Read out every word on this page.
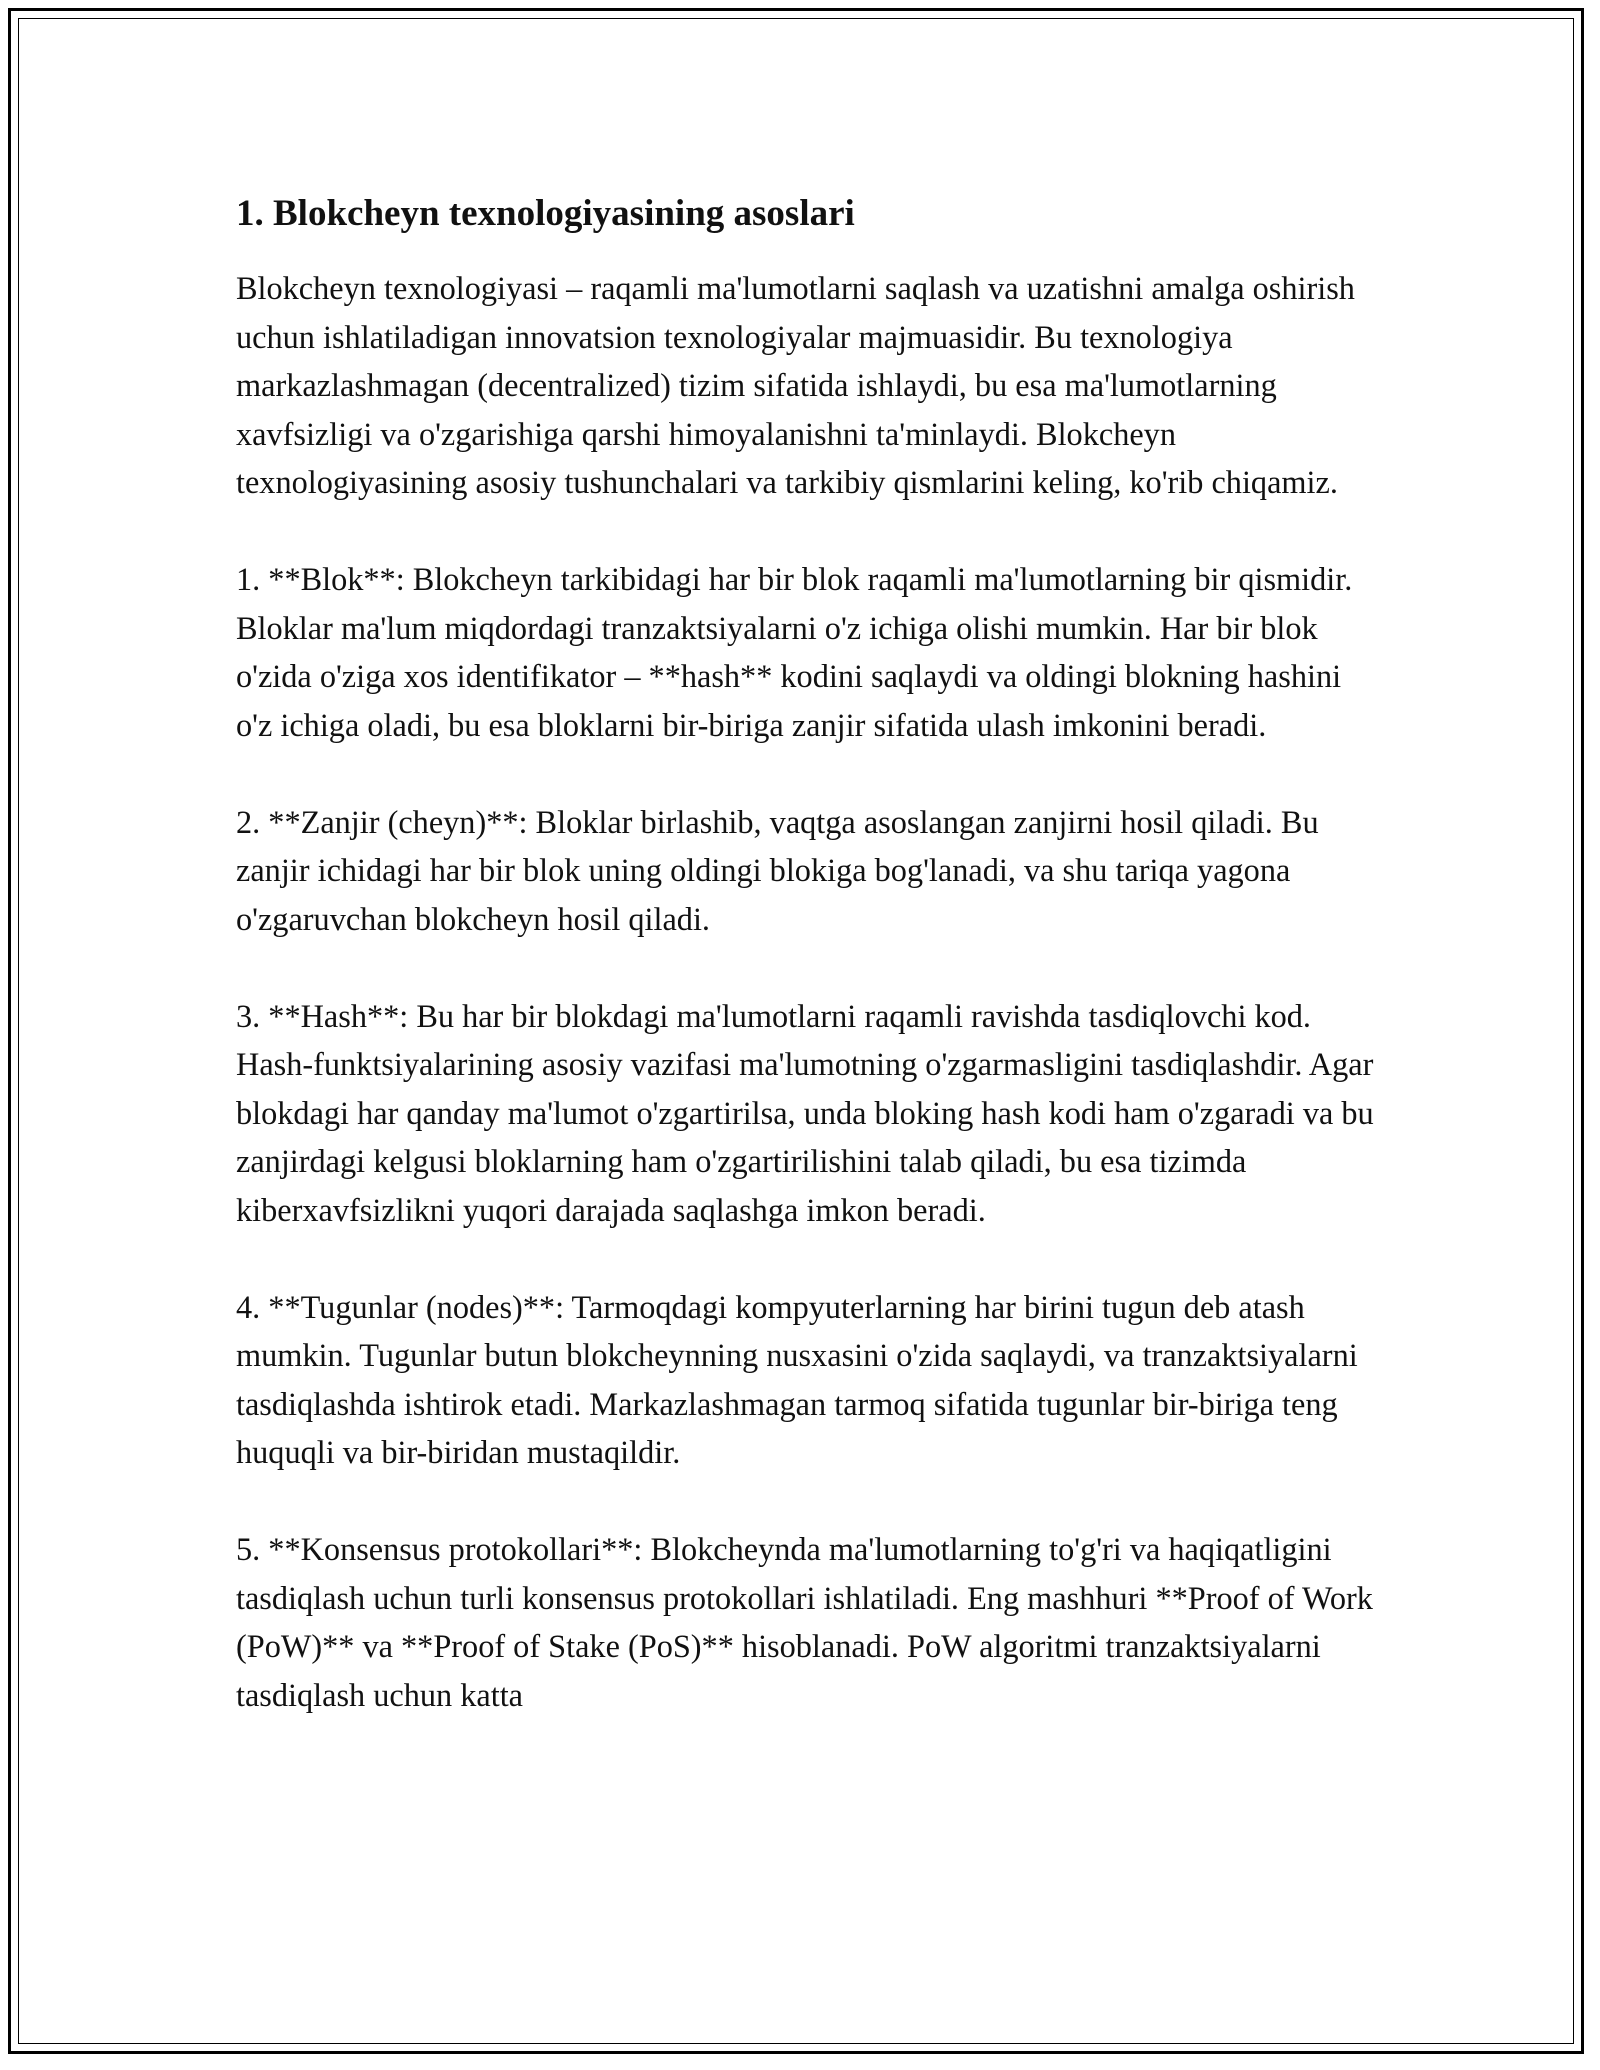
1. Blokcheyn texnologiyasining asoslari

Blokcheyn texnologiyasi – raqamli ma'lumotlarni saqlash va uzatishni amalga oshirish uchun ishlatiladigan innovatsion texnologiyalar majmuasidir. Bu texnologiya markazlashmagan (decentralized) tizim sifatida ishlaydi, bu esa ma'lumotlarning xavfsizligi va o'zgarishiga qarshi himoyalanishni ta'minlaydi. Blokcheyn texnologiyasining asosiy tushunchalari va tarkibiy qismlarini keling, ko'rib chiqamiz.

1. **Blok**: Blokcheyn tarkibidagi har bir blok raqamli ma'lumotlarning bir qismidir. Bloklar ma'lum miqdordagi tranzaktsiyalarni o'z ichiga olishi mumkin. Har bir blok o'zida o'ziga xos identifikator – **hash** kodini saqlaydi va oldingi blokning hashini o'z ichiga oladi, bu esa bloklarni bir-biriga zanjir sifatida ulash imkonini beradi.

2. **Zanjir (cheyn)**: Bloklar birlashib, vaqtga asoslangan zanjirni hosil qiladi. Bu zanjir ichidagi har bir blok uning oldingi blokiga bog'lanadi, va shu tariqa yagona o'zgaruvchan blokcheyn hosil qiladi.

3. **Hash**: Bu har bir blokdagi ma'lumotlarni raqamli ravishda tasdiqlovchi kod. Hash-funktsiyalarining asosiy vazifasi ma'lumotning o'zgarmasligini tasdiqlashdir. Agar blokdagi har qanday ma'lumot o'zgartirilsa, unda bloking hash kodi ham o'zgaradi va bu zanjirdagi kelgusi bloklarning ham o'zgartirilishini talab qiladi, bu esa tizimda kiberxavfsizlikni yuqori darajada saqlashga imkon beradi.

4. **Tugunlar (nodes)**: Tarmoqdagi kompyuterlarning har birini tugun deb atash mumkin. Tugunlar butun blokcheynning nusxasini o'zida saqlaydi, va tranzaktsiyalarni tasdiqlashda ishtirok etadi. Markazlashmagan tarmoq sifatida tugunlar bir-biriga teng huquqli va bir-biridan mustaqildir.

5. **Konsensus protokollari**: Blokcheynda ma'lumotlarning to'g'ri va haqiqatligini tasdiqlash uchun turli konsensus protokollari ishlatiladi. Eng mashhuri **Proof of Work (PoW)** va **Proof of Stake (PoS)** hisoblanadi. PoW algoritmi tranzaktsiyalarni tasdiqlash uchun katta
